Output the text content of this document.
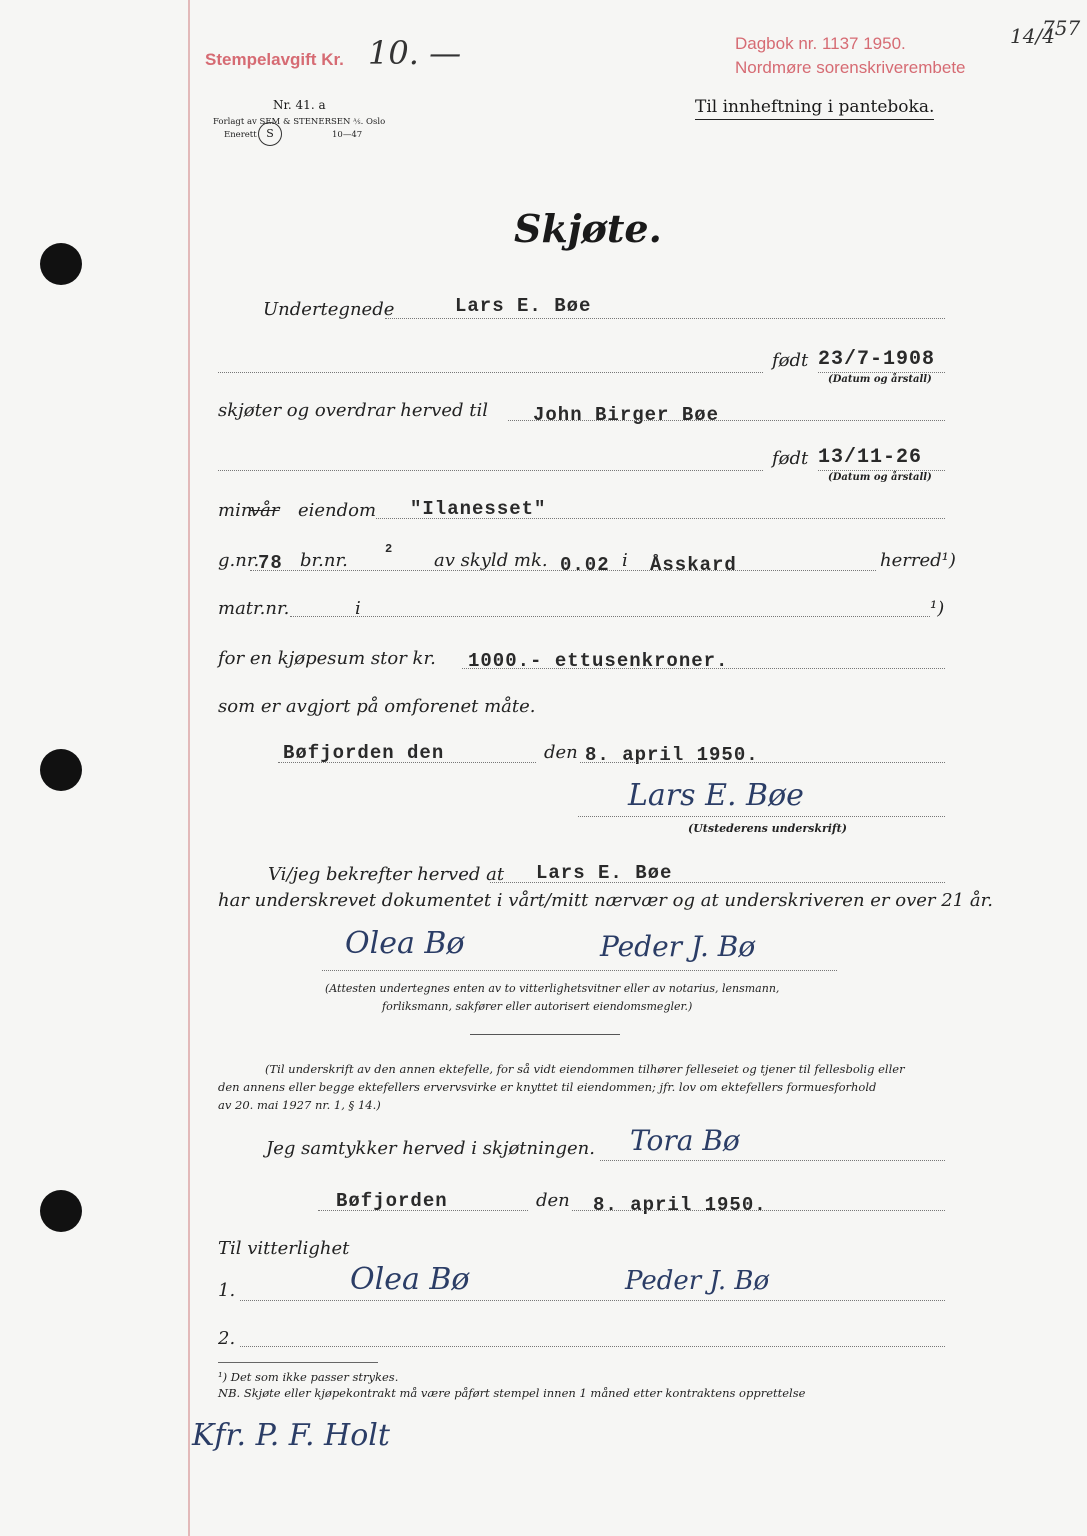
Stempelavgift Kr. 10. —	Dagbok nr. 1137 1950.	14/4
Nordmøre sorenskriverembete
757
Nr. 41. a
Forlagt av SEM & STENERSEN ⅍. Oslo
Enerett S	10—47
Til innheftning i panteboka.
Skjøte.
Undertegnede	Lars E. Bøe
født 23/7-1908
(Datum og årstall)
skjøter og overdrar herved til John Birger Bøe
født 13/11-26
(Datum og årstall)
min
vår eiendom "Ilanesset"
g.nr.
78 br.nr.
2
av skyld mk. 0.02 i Åsskard	herred¹)
matr.nr.	i	¹)
for en kjøpesum stor kr. 1000.- ettusenkroner.
som er avgjort på omforenet måte.
Bøfjorden den	den 8. april 1950.
Lars E. Bøe
(Utstederens underskrift)
Vi/jeg bekrefter herved at Lars E. Bøe
har underskrevet dokumentet i vårt/mitt nærvær og at underskriveren er over 21 år.
Olea Bø	Peder J. Bø
(Attesten undertegnes enten av to vitterlighetsvitner eller av notarius, lensmann,
forliksmann, sakfører eller autorisert eiendomsmegler.)
(Til underskrift av den annen ektefelle, for så vidt eiendommen tilhører felleseiet og tjener til fellesbolig eller
den annens eller begge ektefellers ervervsvirke er knyttet til eiendommen; jfr. lov om ektefellers formuesforhold
av 20. mai 1927 nr. 1, § 14.)
Jeg samtykker herved i skjøtningen. Tora Bø
Bøfjorden	den 8. april 1950.
Til vitterlighet
1.	Olea Bø	Peder J. Bø
2.
¹) Det som ikke passer strykes.
NB. Skjøte eller kjøpekontrakt må være påført stempel innen 1 måned etter kontraktens opprettelse
Kfr. P. F. Holt
